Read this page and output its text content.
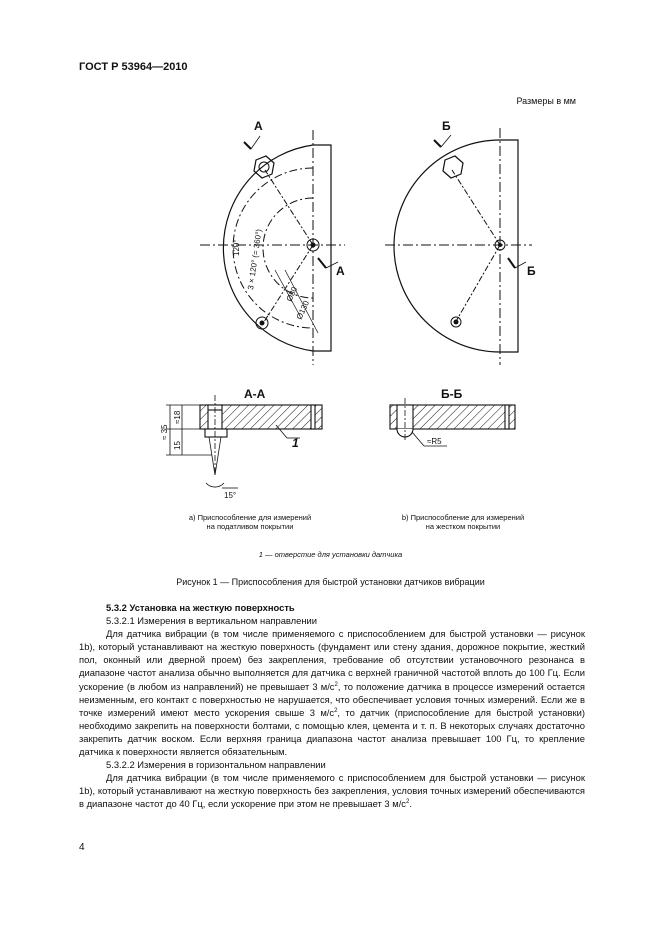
ГОСТ Р 53964—2010
Размеры в мм
А
А
Б
Б
А-А	Б-Б
120° 3 × 120° (= 360°)
Ø80
Ø130
≈ 35
≈18
15
15°
≈R5
1
а) Приспособление для измерений
на податливом покрытии
b) Приспособление для измерений
на жестком покрытии
1 — отверстие для установки датчика
Рисунок 1 — Приспособления для быстрой установки датчиков вибрации

5.3.2 Установка на жесткую поверхность

5.3.2.1 Измерения в вертикальном направлении

Для датчика вибрации (в том числе применяемого с приспособлением для быстрой установки — рисунок 1b), который устанавливают на жесткую поверхность (фундамент или стену здания, дорожное покрытие, жесткий пол, оконный или дверной проем) без закрепления, требование об отсутствии установочного резонанса в диапазоне частот анализа обычно выполняется для датчика с верхней граничной частотой вплоть до 100 Гц. Если ускорение (в любом из направлений) не превышает 3 $м/с^2$, то положение датчика в процессе измерений остается неизменным, его контакт с поверхностью не нарушается, что обеспечивает условия точных измерений. Если же в точке измерений имеют место ускорения свыше 3 $м/с^2$, то датчик (приспособление для быстрой установки) необходимо закрепить на поверхности болтами, с помощью клея, цемента и т. п. В некоторых случаях достаточно закрепить датчик воском. Если верхняя граница диапазона частот анализа превышает 100 Гц, то крепление датчика к поверхности является обязательным.

5.3.2.2 Измерения в горизонтальном направлении

Для датчика вибрации (в том числе применяемого с приспособлением для быстрой установки — рисунок 1b), который устанавливают на жесткую поверхность без закрепления, условия точных измерений обеспечиваются в диапазоне частот до 40 Гц, если ускорение при этом не превышает 3 $м/с^2$.

4
